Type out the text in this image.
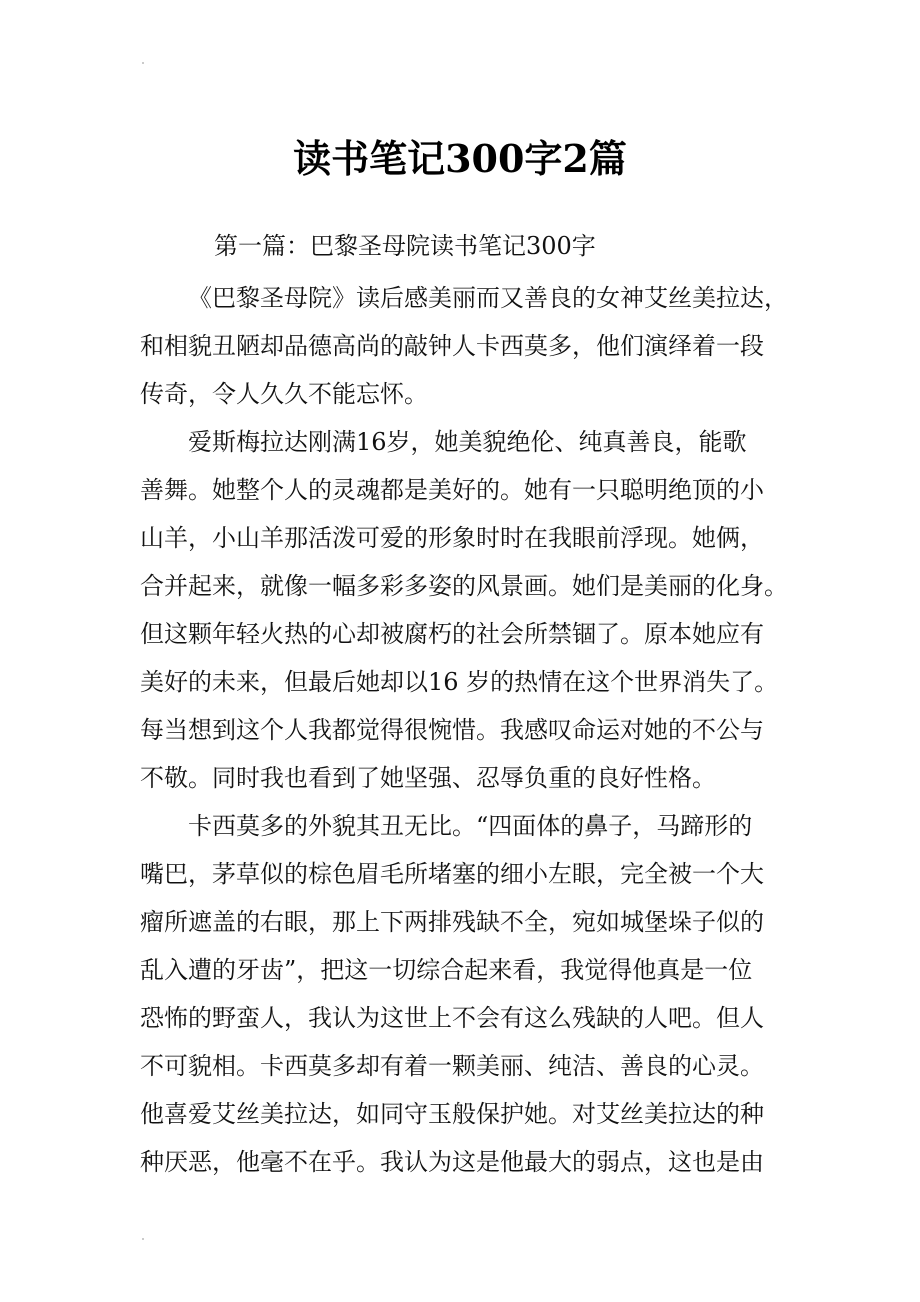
读书笔记300字2篇
第一篇：巴黎圣母院读书笔记300字
《巴黎圣母院》读后感美丽而又善良的女神艾丝美拉达，
和相貌丑陋却品德高尚的敲钟人卡西莫多，他们演绎着一段
传奇，令人久久不能忘怀。
爱斯梅拉达刚满16岁，她美貌绝伦、纯真善良，能歌
善舞。她整个人的灵魂都是美好的。她有一只聪明绝顶的小
山羊，小山羊那活泼可爱的形象时时在我眼前浮现。她俩，
合并起来，就像一幅多彩多姿的风景画。她们是美丽的化身。
但这颗年轻火热的心却被腐朽的社会所禁锢了。原本她应有
美好的未来，但最后她却以16 岁的热情在这个世界消失了。
每当想到这个人我都觉得很惋惜。我感叹命运对她的不公与
不敬。同时我也看到了她坚强、忍辱负重的良好性格。
卡西莫多的外貌其丑无比。“四面体的鼻子，马蹄形的
嘴巴，茅草似的棕色眉毛所堵塞的细小左眼，完全被一个大
瘤所遮盖的右眼，那上下两排残缺不全，宛如城堡垛子似的
乱入遭的牙齿”，把这一切综合起来看，我觉得他真是一位
恐怖的野蛮人，我认为这世上不会有这么残缺的人吧。但人
不可貌相。卡西莫多却有着一颗美丽、纯洁、善良的心灵。
他喜爱艾丝美拉达，如同守玉般保护她。对艾丝美拉达的种
种厌恶，他毫不在乎。我认为这是他最大的弱点，这也是由
